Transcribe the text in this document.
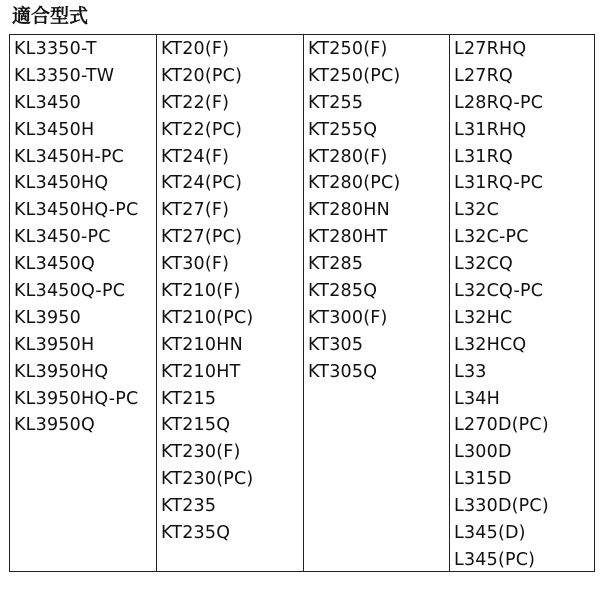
適合型式
KL3350-T
KL3350-TW
KL3450
KL3450H
KL3450H-PC
KL3450HQ
KL3450HQ-PC
KL3450-PC
KL3450Q
KL3450Q-PC
KL3950
KL3950H
KL3950HQ
KL3950HQ-PC
KL3950Q
KT20(F)
KT20(PC)
KT22(F)
KT22(PC)
KT24(F)
KT24(PC)
KT27(F)
KT27(PC)
KT30(F)
KT210(F)
KT210(PC)
KT210HN
KT210HT
KT215
KT215Q
KT230(F)
KT230(PC)
KT235
KT235Q
KT250(F)
KT250(PC)
KT255
KT255Q
KT280(F)
KT280(PC)
KT280HN
KT280HT
KT285
KT285Q
KT300(F)
KT305
KT305Q
L27RHQ
L27RQ
L28RQ-PC
L31RHQ
L31RQ
L31RQ-PC
L32C
L32C-PC
L32CQ
L32CQ-PC
L32HC
L32HCQ
L33
L34H
L270D(PC)
L300D
L315D
L330D(PC)
L345(D)
L345(PC)
